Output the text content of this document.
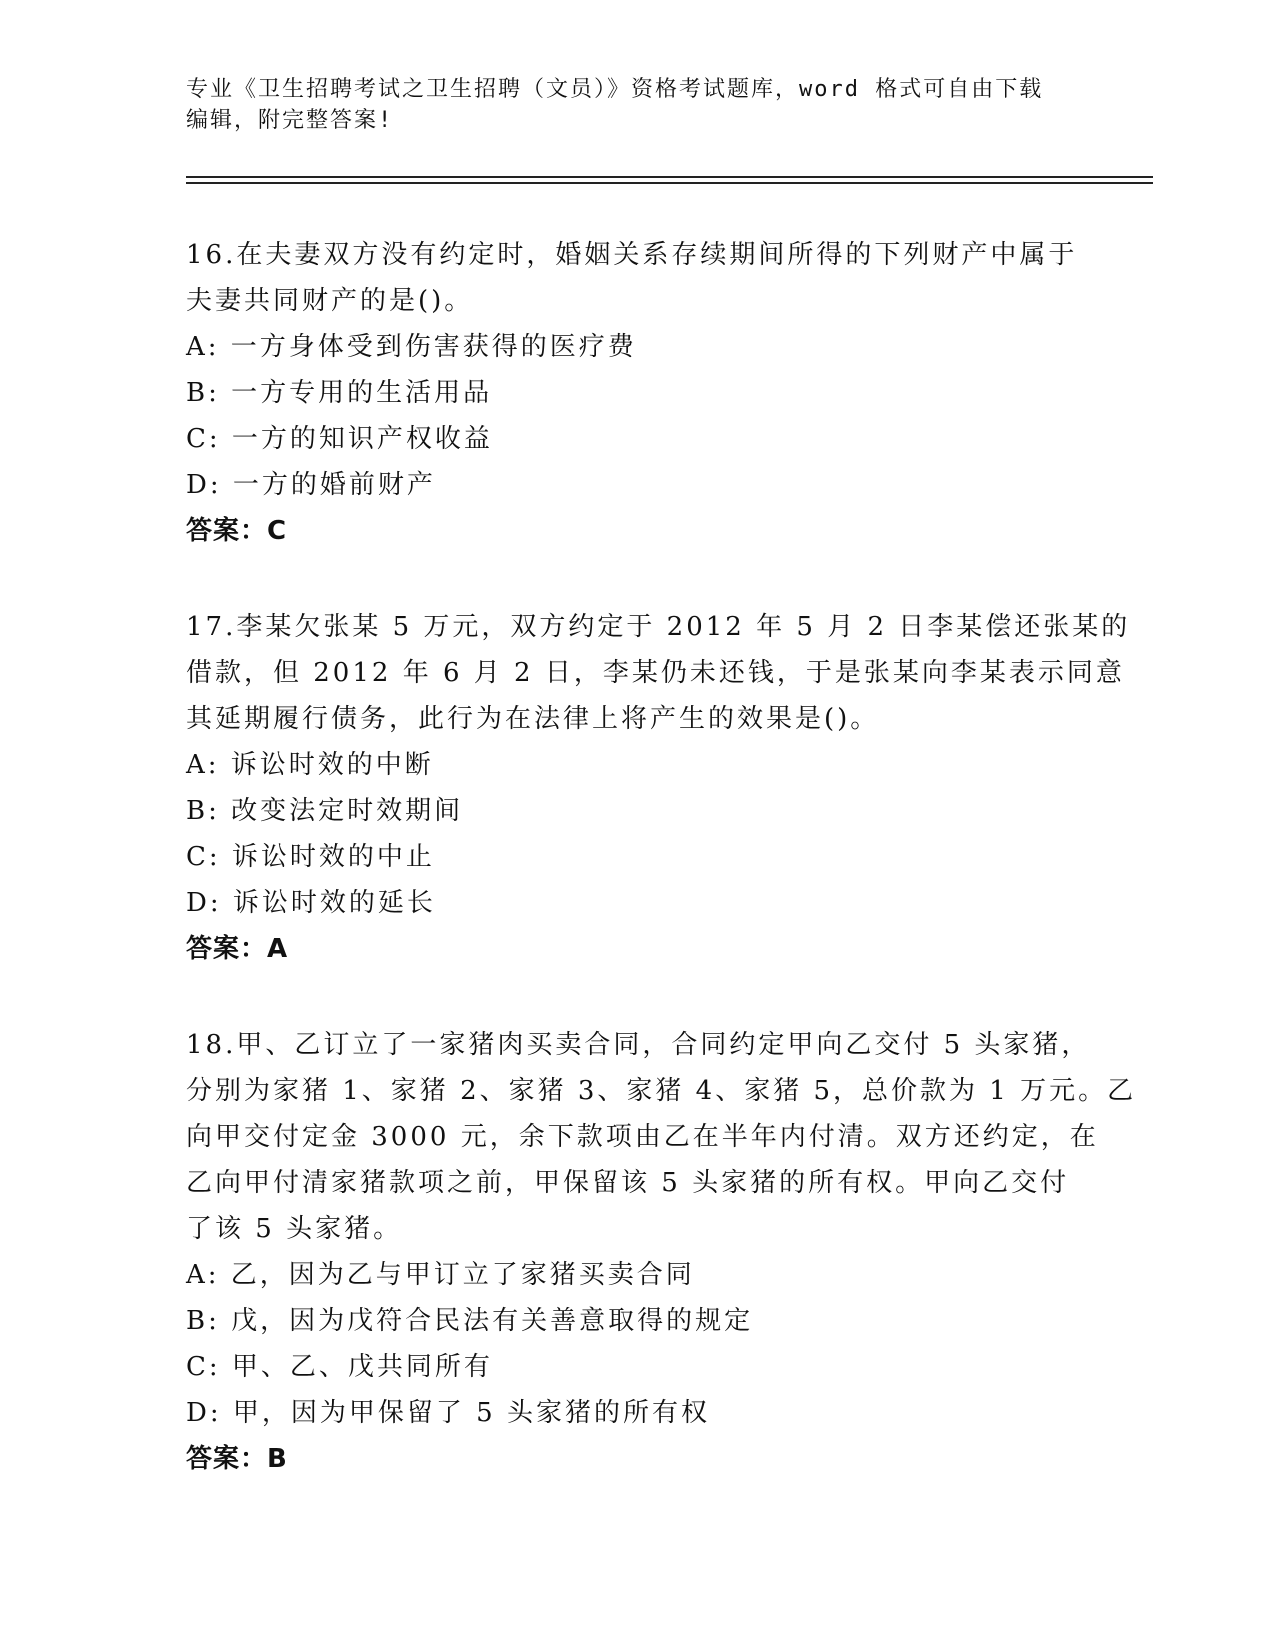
专业《卫生招聘考试之卫生招聘（文员）》资格考试题库，word 格式可自由下载
编辑，附完整答案!
16.在夫妻双方没有约定时，婚姻关系存续期间所得的下列财产中属于
夫妻共同财产的是()。
A: 一方身体受到伤害获得的医疗费
B: 一方专用的生活用品
C: 一方的知识产权收益
D: 一方的婚前财产
答案：C
17.李某欠张某 5 万元，双方约定于 2012 年 5 月 2 日李某偿还张某的
借款，但 2012 年 6 月 2 日，李某仍未还钱，于是张某向李某表示同意
其延期履行债务，此行为在法律上将产生的效果是()。
A: 诉讼时效的中断
B: 改变法定时效期间
C: 诉讼时效的中止
D: 诉讼时效的延长
答案：A
18.甲、乙订立了一家猪肉买卖合同，合同约定甲向乙交付 5 头家猪，
分别为家猪 1、家猪 2、家猪 3、家猪 4、家猪 5，总价款为 1 万元。乙
向甲交付定金 3000 元，余下款项由乙在半年内付清。双方还约定，在
乙向甲付清家猪款项之前，甲保留该 5 头家猪的所有权。甲向乙交付
了该 5 头家猪。
A: 乙，因为乙与甲订立了家猪买卖合同
B: 戊，因为戊符合民法有关善意取得的规定
C: 甲、乙、戊共同所有
D: 甲，因为甲保留了 5 头家猪的所有权
答案：B
